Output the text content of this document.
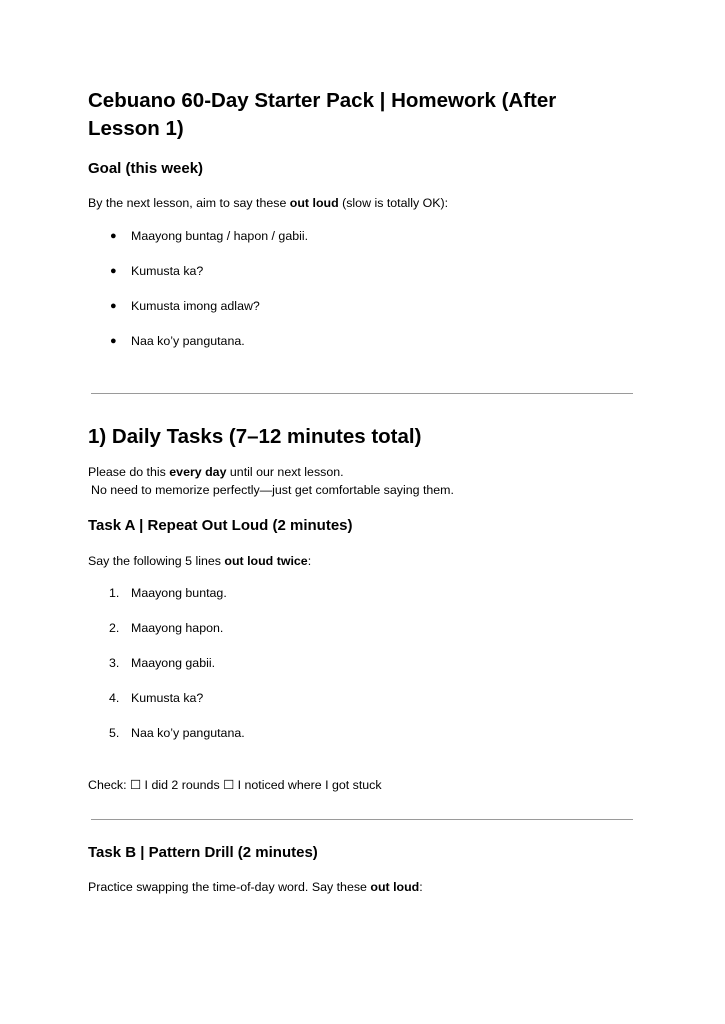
Cebuano 60-Day Starter Pack | Homework (After
Lesson 1)
Goal (this week)

By the next lesson, aim to say these out loud (slow is totally OK):

● Maayong buntag / hapon / gabii.
● Kumusta ka?
● Kumusta imong adlaw?
● Naa ko’y pangutana.
1) Daily Tasks (7–12 minutes total)

Please do this every day until our next lesson.

No need to memorize perfectly—just get comfortable saying them.

Task A | Repeat Out Loud (2 minutes)

Say the following 5 lines out loud twice:

1. Maayong buntag.
2. Maayong hapon.
3. Maayong gabii.
4. Kumusta ka?
5. Naa ko’y pangutana.

Check: ☐ I did 2 rounds ☐ I noticed where I got stuck

Task B | Pattern Drill (2 minutes)

Practice swapping the time-of-day word. Say these out loud:
